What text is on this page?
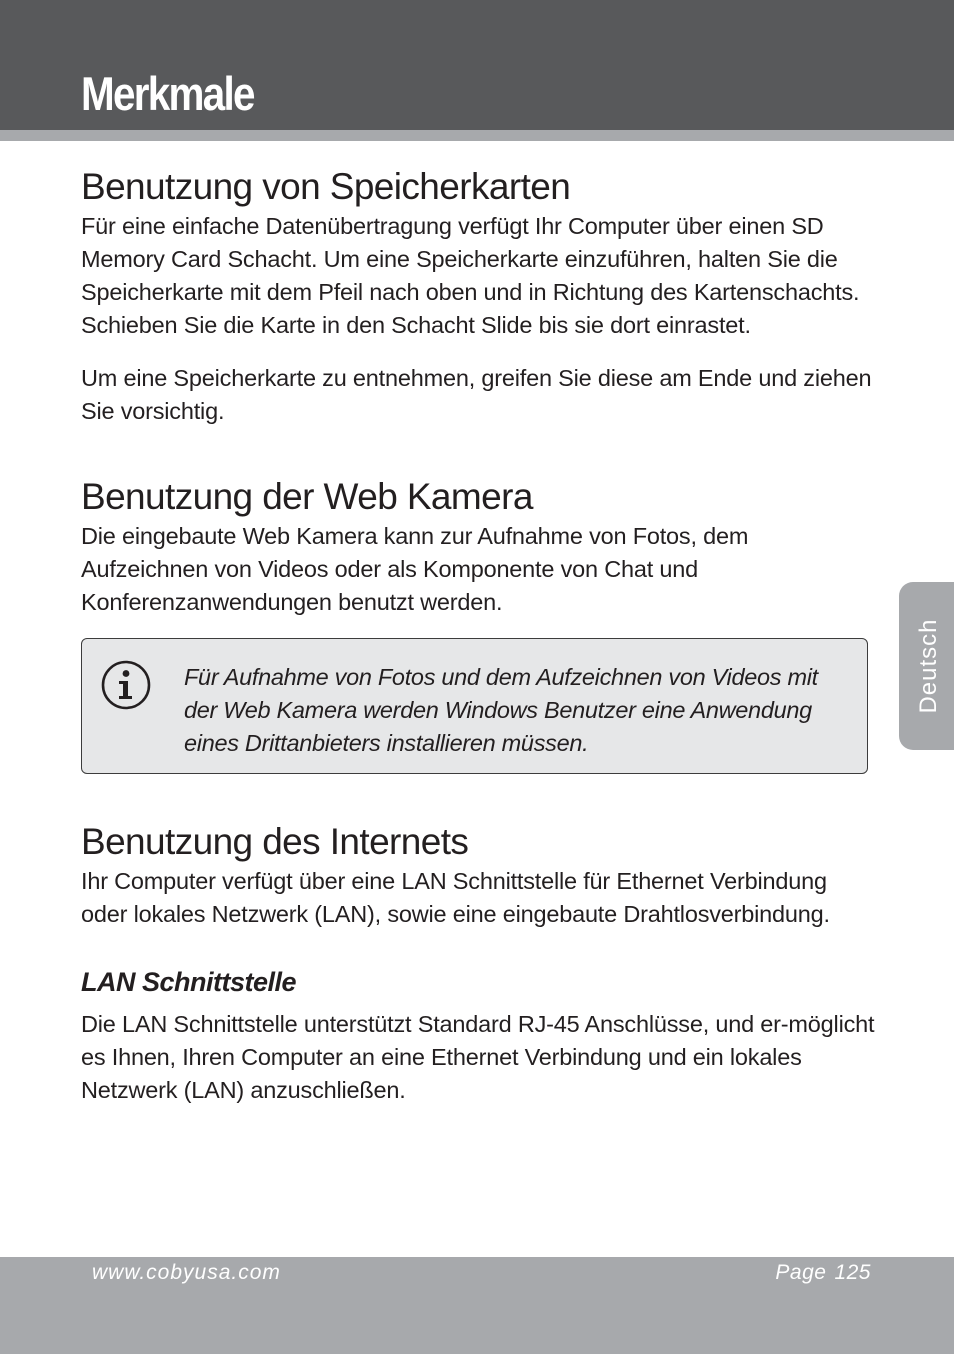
Merkmale
Benutzung von Speicherkarten

Für eine einfache Datenübertragung verfügt Ihr Computer über einen SD Memory Card Schacht. Um eine Speicherkarte einzuführen, halten Sie die Speicherkarte mit dem Pfeil nach oben und in Richtung des Kartenschachts. Schieben Sie die Karte in den Schacht Slide bis sie dort einrastet.

Um eine Speicherkarte zu entnehmen, greifen Sie diese am Ende und ziehen Sie vorsichtig.

Benutzung der Web Kamera

Die eingebaute Web Kamera kann zur Aufnahme von Fotos, dem Aufzeichnen von Videos oder als Komponente von Chat und Konferenzanwendungen benutzt werden.

Für Aufnahme von Fotos und dem Aufzeichnen von Videos mit der Web Kamera werden Windows Benutzer eine Anwendung eines Drittanbieters installieren müssen.
Benutzung des Internets

Ihr Computer verfügt über eine LAN Schnittstelle für Ethernet Verbindung oder lokales Netzwerk (LAN), sowie eine eingebaute Drahtlosverbindung.

LAN Schnittstelle

Die LAN Schnittstelle unterstützt Standard RJ-45 Anschlüsse, und er-möglicht es Ihnen, Ihren Computer an eine Ethernet Verbindung und ein lokales Netzwerk (LAN) anzuschließen.

Deutsch
www.cobyusa.com	Page 125
